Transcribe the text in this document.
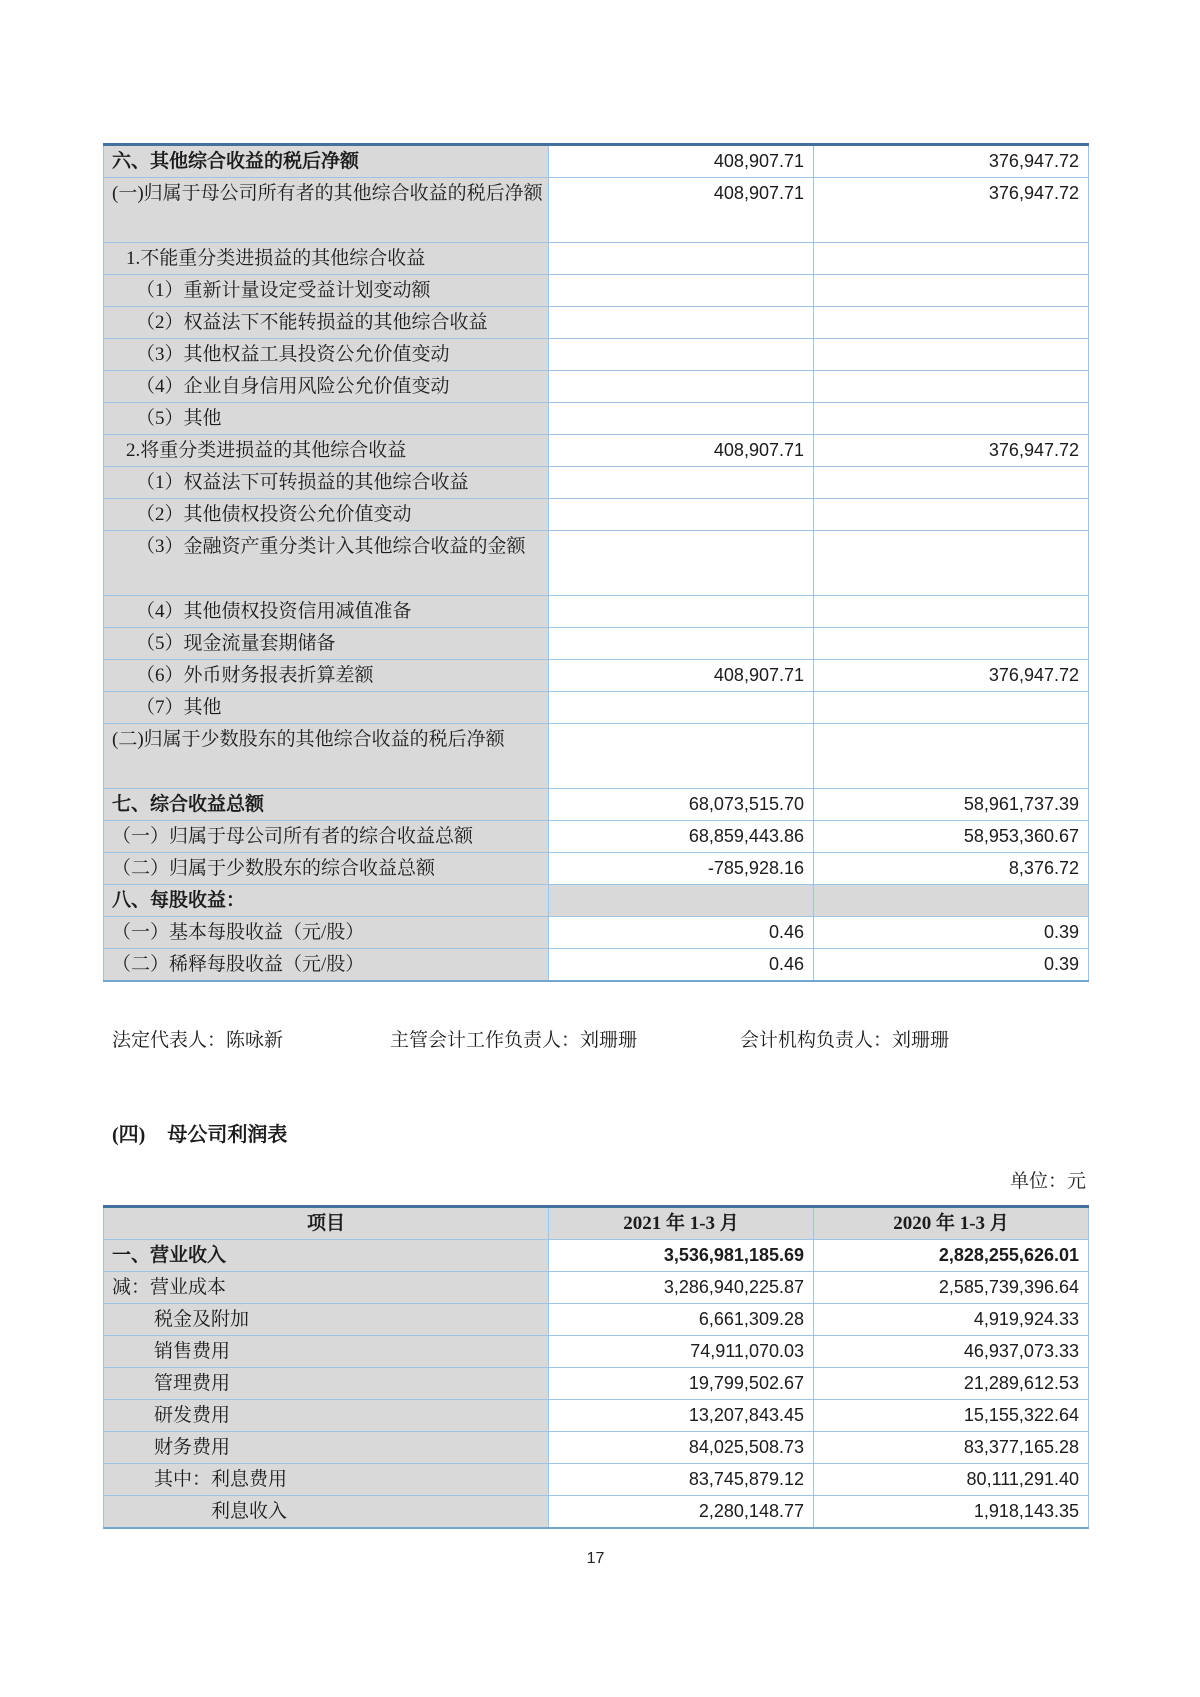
六、其他综合收益的税后净额	408,907.71	376,947.72
(一)归属于母公司所有者的其他综合收益的税后净额	408,907.71	376,947.72
1.不能重分类进损益的其他综合收益		
（1）重新计量设定受益计划变动额		
（2）权益法下不能转损益的其他综合收益		
（3）其他权益工具投资公允价值变动		
（4）企业自身信用风险公允价值变动		
（5）其他		
2.将重分类进损益的其他综合收益	408,907.71	376,947.72
（1）权益法下可转损益的其他综合收益		
（2）其他债权投资公允价值变动		
（3）金融资产重分类计入其他综合收益的金额		
（4）其他债权投资信用减值准备		
（5）现金流量套期储备		
（6）外币财务报表折算差额	408,907.71	376,947.72
（7）其他		
(二)归属于少数股东的其他综合收益的税后净额		
七、综合收益总额	68,073,515.70	58,961,737.39
（一）归属于母公司所有者的综合收益总额	68,859,443.86	58,953,360.67
（二）归属于少数股东的综合收益总额	-785,928.16	8,376.72
八、每股收益：		
（一）基本每股收益（元/股）	0.46	0.39
（二）稀释每股收益（元/股）	0.46	0.39
法定代表人：陈咏新	主管会计工作负责人：刘珊珊	会计机构负责人：刘珊珊
(四) 母公司利润表
单位：元
项目	2021 年 1-3 月	2020 年 1-3 月
一、营业收入	3,536,981,185.69	2,828,255,626.01
减：营业成本	3,286,940,225.87	2,585,739,396.64
税金及附加	6,661,309.28	4,919,924.33
销售费用	74,911,070.03	46,937,073.33
管理费用	19,799,502.67	21,289,612.53
研发费用	13,207,843.45	15,155,322.64
财务费用	84,025,508.73	83,377,165.28
其中：利息费用	83,745,879.12	80,111,291.40
利息收入	2,280,148.77	1,918,143.35
17
